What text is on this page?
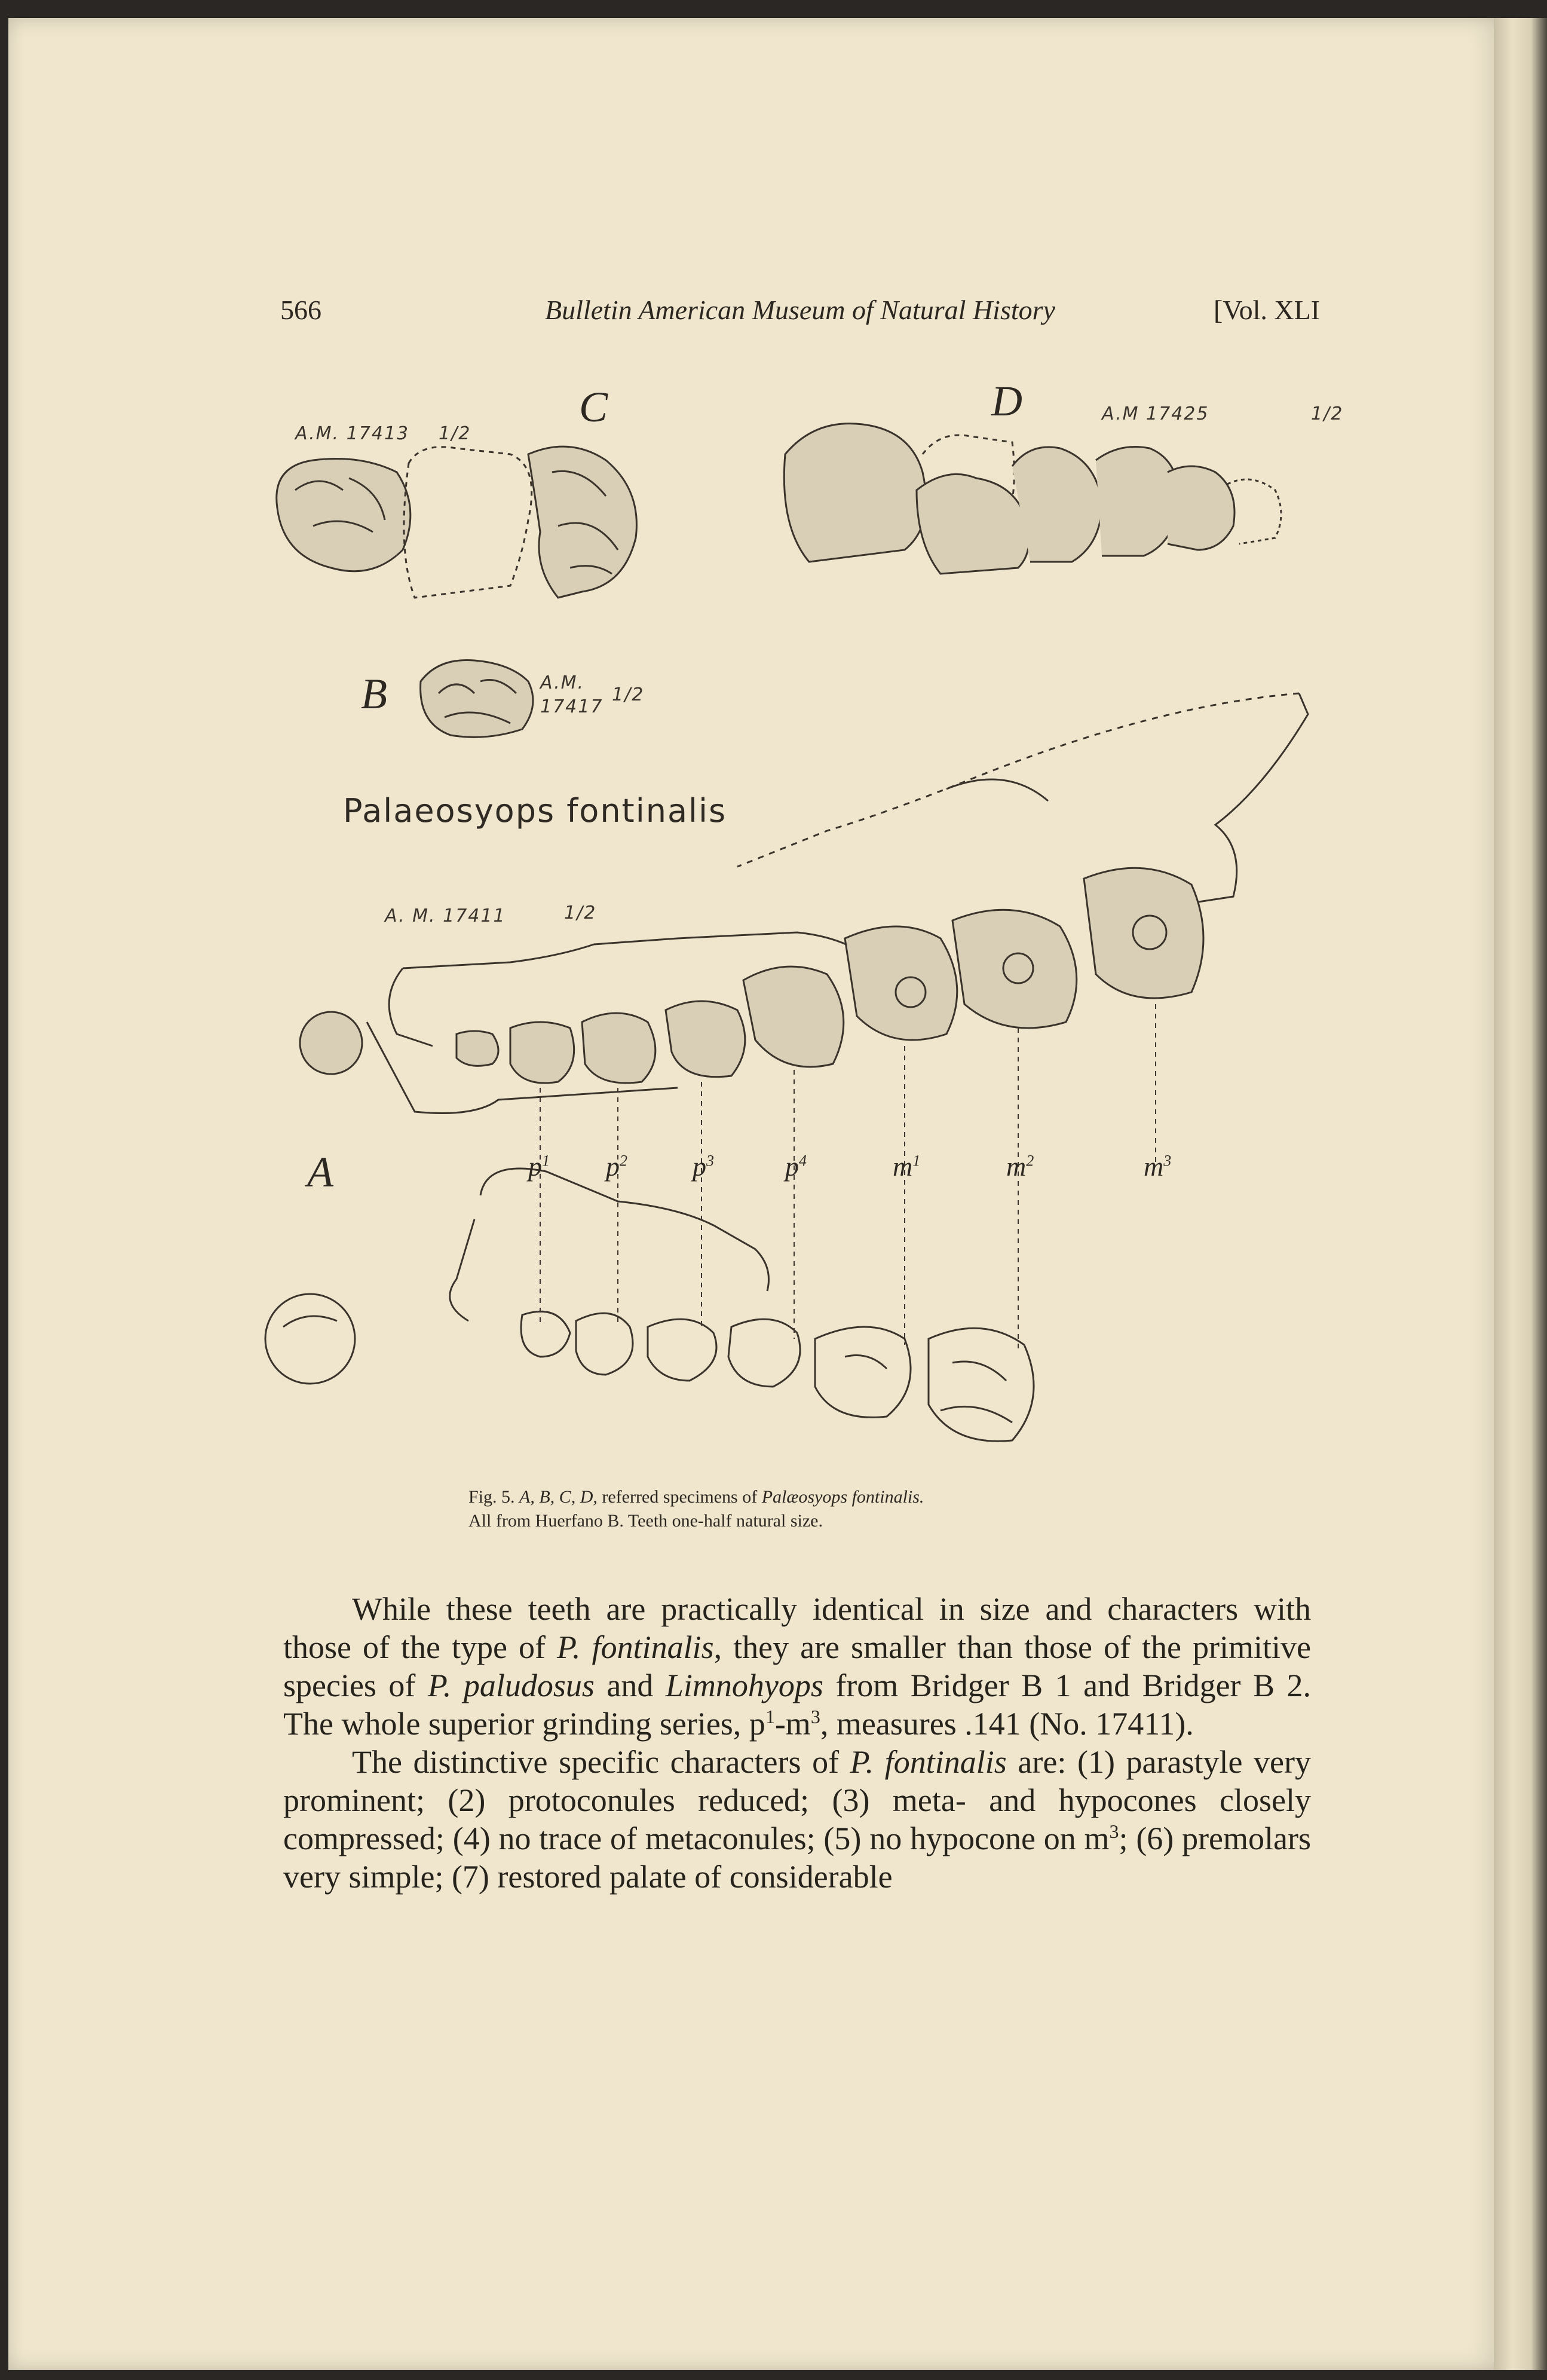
566	Bulletin American Museum of Natural History	[Vol. XLI
A.M. 17413 1/2
C	D	A.M 17425	1/2
B	A.M.
17417
1/2
Palaeosyops fontinalis
A. M. 17411	1/2
A	$p^1$ $p^2$ $p^3$	$p^4$	$m^1$	$m^2$	$m^3$
Fig. 5. A, B, C, D, referred specimens of Palæosyops fontinalis.
All from Huerfano B. Teeth one-half natural size.

While these teeth are practically identical in size and characters with those of the type of P. fontinalis, they are smaller than those of the primitive species of P. paludosus and Limnohyops from Bridger B 1 and Bridger B 2. The whole superior grinding series, $p^1-m^3$, measures .141 (No. 17411).

The distinctive specific characters of P. fontinalis are: (1) parastyle very prominent; (2) protoconules reduced; (3) meta- and hypocones closely compressed; (4) no trace of metaconules; (5) no hypocone on $m^3$; (6) premolars very simple; (7) restored palate of considerable
